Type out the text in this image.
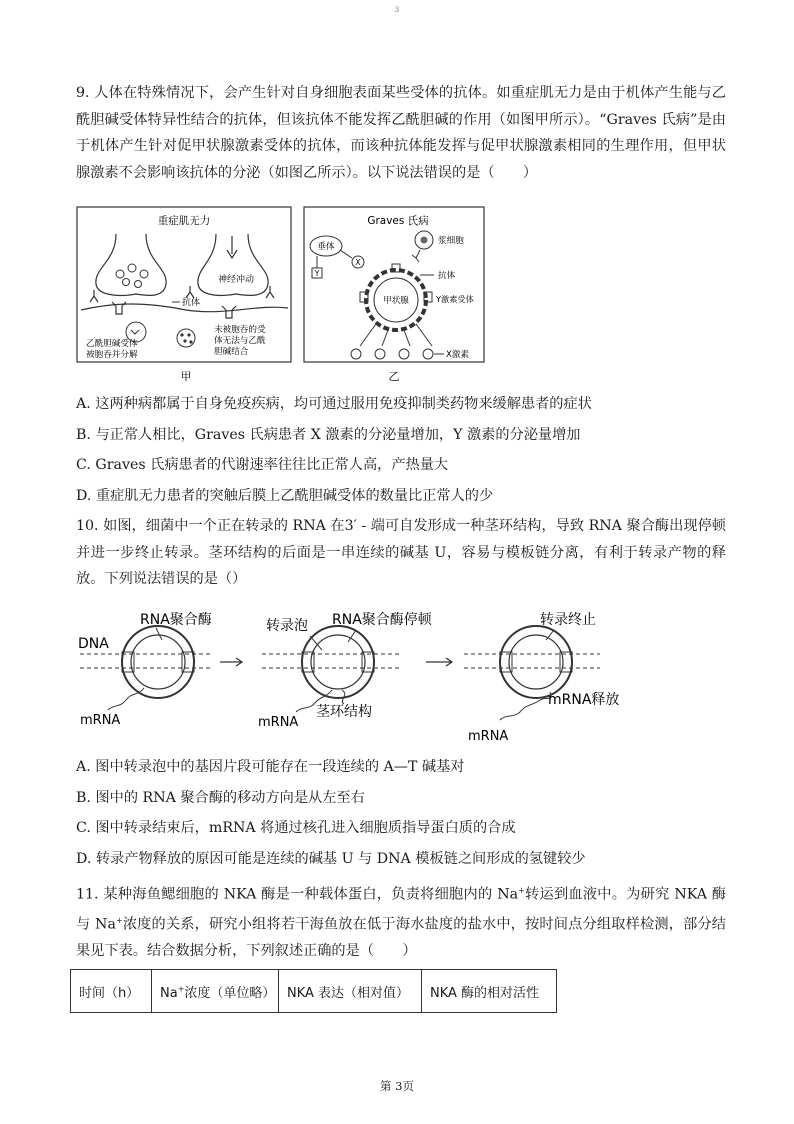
3

9. 人体在特殊情况下，会产生针对自身细胞表面某些受体的抗体。如重症肌无力是由于机体产生能与乙酰胆碱受体特异性结合的抗体，但该抗体不能发挥乙酰胆碱的作用（如图甲所示）。“Graves 氏病”是由于机体产生针对促甲状腺激素受体的抗体，而该种抗体能发挥与促甲状腺激素相同的生理作用，但甲状腺激素不会影响该抗体的分泌（如图乙所示）。以下说法错误的是（　　）

重症肌无力
神经冲动
抗体
乙酰胆碱受体
被胞吞并分解
未被胞吞的受
体无法与乙酰
胆碱结合
甲
Graves 氏病
垂体
Y
X
浆细胞
抗体
甲状腺	Y激素受体
X激素
乙

A. 这两种病都属于自身免疫疾病，均可通过服用免疫抑制类药物来缓解患者的症状

B. 与正常人相比，Graves 氏病患者 X 激素的分泌量增加，Y 激素的分泌量增加

C. Graves 氏病患者的代谢速率往往比正常人高，产热量大

D. 重症肌无力患者的突触后膜上乙酰胆碱受体的数量比正常人的少

10. 如图，细菌中一个正在转录的 RNA 在3′ - 端可自发形成一种茎环结构，导致 RNA 聚合酶出现停顿并进一步终止转录。茎环结构的后面是一串连续的碱基 U，容易与模板链分离，有利于转录产物的释放。下列说法错误的是（）

RNA聚合酶
DNA
mRNA
转录泡 RNA聚合酶停顿
mRNA
茎环结构
转录终止
mRNA释放
mRNA

A. 图中转录泡中的基因片段可能存在一段连续的 A—T 碱基对

B. 图中的 RNA 聚合酶的移动方向是从左至右

C. 图中转录结束后，mRNA 将通过核孔进入细胞质指导蛋白质的合成

D. 转录产物释放的原因可能是连续的碱基 U 与 DNA 模板链之间形成的氢键较少

11. 某种海鱼鳃细胞的 NKA 酶是一种载体蛋白，负责将细胞内的 Na+转运到血液中。为研究 NKA 酶与 Na+浓度的关系，研究小组将若干海鱼放在低于海水盐度的盐水中，按时间点分组取样检测，部分结果见下表。结合数据分析，下列叙述正确的是（　　）

时间（h）	Na+浓度（单位略）	NKA 表达（相对值）	NKA 酶的相对活性
第 3页
